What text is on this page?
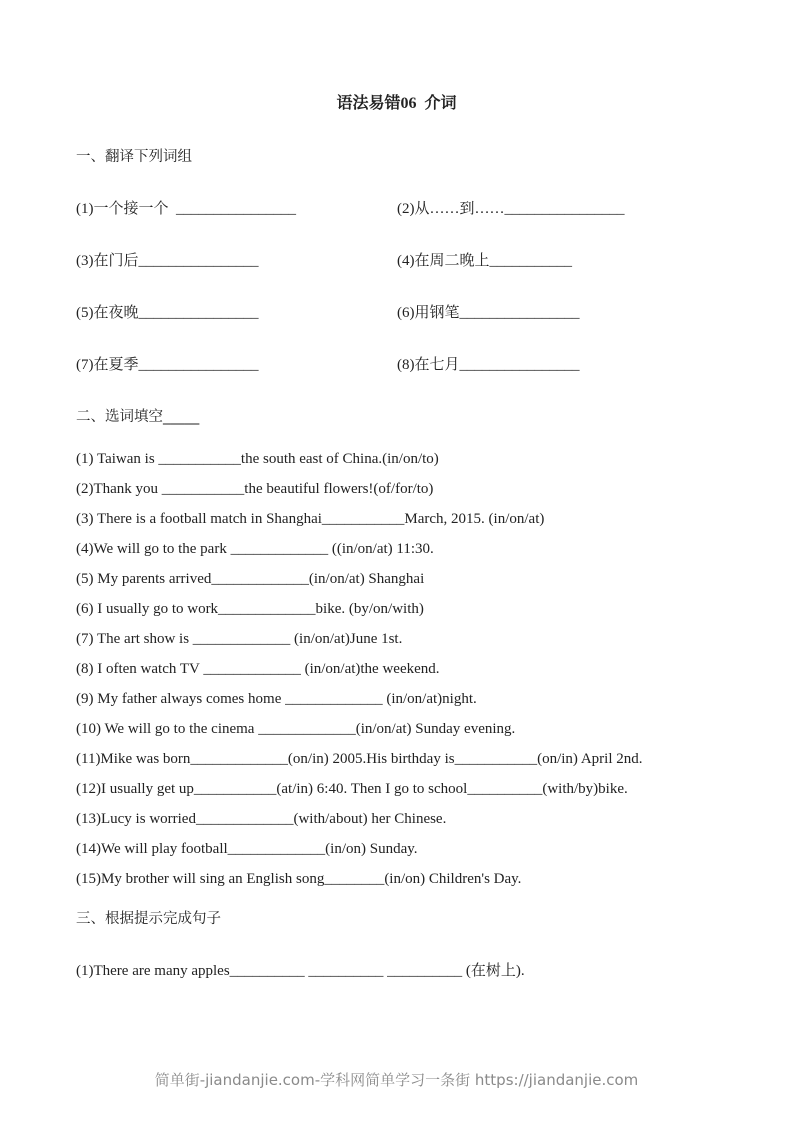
语法易错06  介词
一、翻译下列词组
(1)一个接一个  ________________	(2)从……到……________________
(3)在门后________________	(4)在周二晚上___________
(5)在夜晚________________	(6)用钢笔________________
(7)在夏季________________	(8)在七月________________
二、选词填空_____
(1) Taiwan is ___________the south east of China.(in/on/to)
(2)Thank you ___________the beautiful flowers!(of/for/to)
(3) There is a football match in Shanghai___________March, 2015. (in/on/at)
(4)We will go to the park _____________ ((in/on/at) 11:30.
(5) My parents arrived_____________(in/on/at) Shanghai
(6) I usually go to work_____________bike. (by/on/with)
(7) The art show is _____________ (in/on/at)June 1st.
(8) I often watch TV _____________ (in/on/at)the weekend.
(9) My father always comes home _____________ (in/on/at)night.
(10) We will go to the cinema _____________(in/on/at) Sunday evening.
(11)Mike was born_____________(on/in) 2005.His birthday is___________(on/in) April 2nd.
(12)I usually get up___________(at/in) 6:40. Then I go to school__________(with/by)bike.
(13)Lucy is worried_____________(with/about) her Chinese.
(14)We will play football_____________(in/on) Sunday.
(15)My brother will sing an English song________(in/on) Children's Day.
三、根据提示完成句子
(1)There are many apples__________ __________ __________ (在树上).
简单街-jiandanjie.com-学科网简单学习一条街 https://jiandanjie.com
